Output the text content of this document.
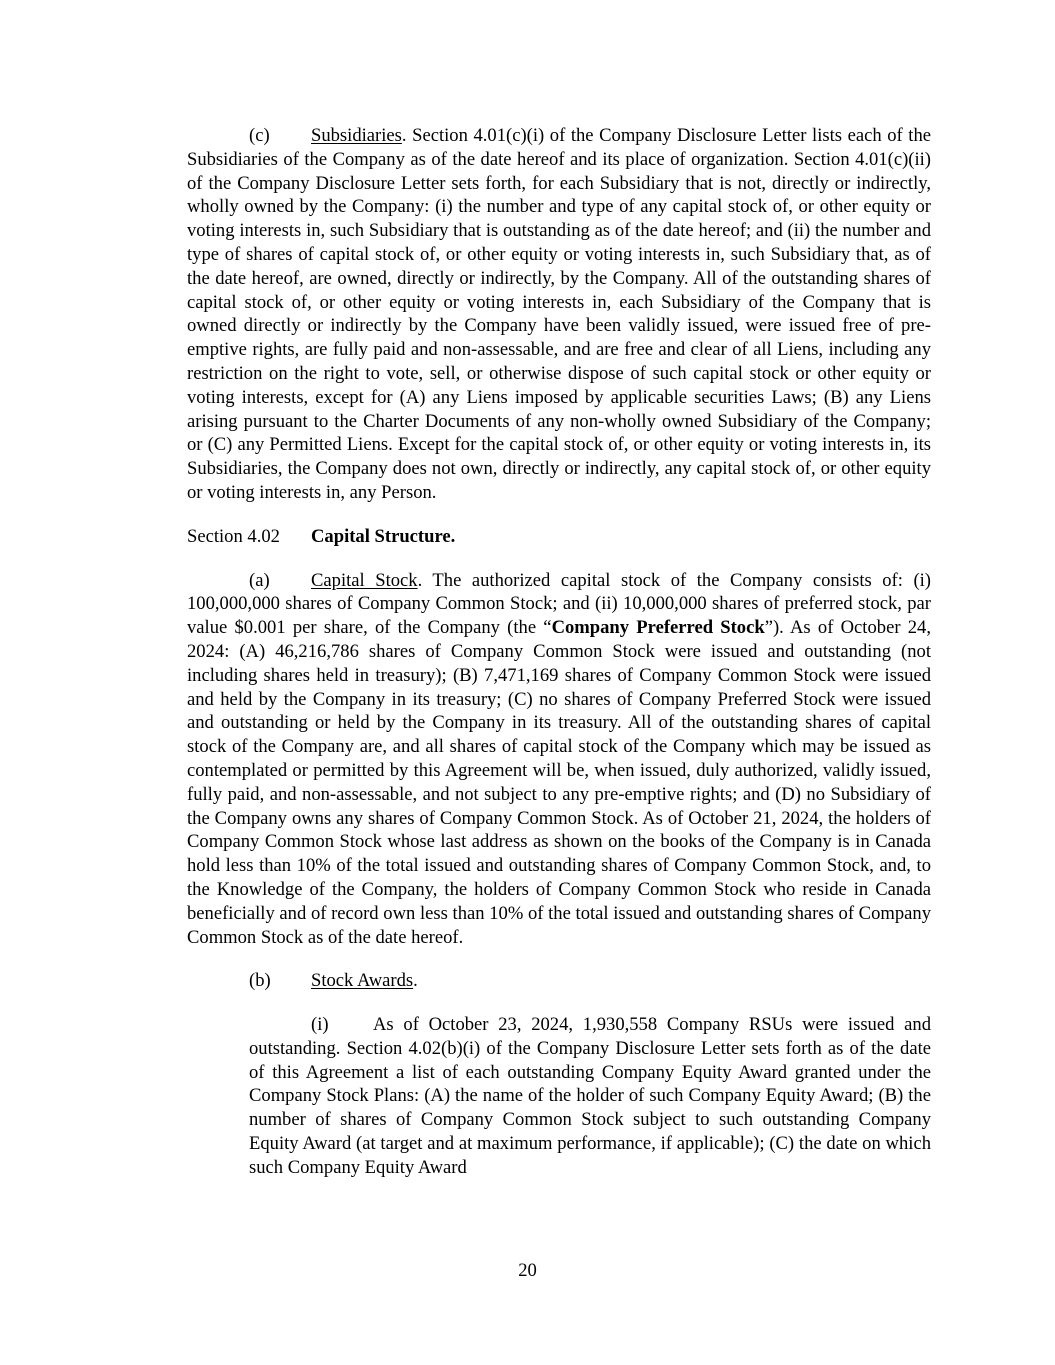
(c) Subsidiaries. Section 4.01(c)(i) of the Company Disclosure Letter lists each of the Subsidiaries of the Company as of the date hereof and its place of organization. Section 4.01(c)(ii) of the Company Disclosure Letter sets forth, for each Subsidiary that is not, directly or indirectly, wholly owned by the Company: (i) the number and type of any capital stock of, or other equity or voting interests in, such Subsidiary that is outstanding as of the date hereof; and (ii) the number and type of shares of capital stock of, or other equity or voting interests in, such Subsidiary that, as of the date hereof, are owned, directly or indirectly, by the Company. All of the outstanding shares of capital stock of, or other equity or voting interests in, each Subsidiary of the Company that is owned directly or indirectly by the Company have been validly issued, were issued free of pre-emptive rights, are fully paid and non-assessable, and are free and clear of all Liens, including any restriction on the right to vote, sell, or otherwise dispose of such capital stock or other equity or voting interests, except for (A) any Liens imposed by applicable securities Laws; (B) any Liens arising pursuant to the Charter Documents of any non-wholly owned Subsidiary of the Company; or (C) any Permitted Liens. Except for the capital stock of, or other equity or voting interests in, its Subsidiaries, the Company does not own, directly or indirectly, any capital stock of, or other equity or voting interests in, any Person.

Section 4.02	Capital Structure.

(a) Capital Stock. The authorized capital stock of the Company consists of: (i) 100,000,000 shares of Company Common Stock; and (ii) 10,000,000 shares of preferred stock, par value $0.001 per share, of the Company (the “Company Preferred Stock”). As of October 24, 2024: (A) 46,216,786 shares of Company Common Stock were issued and outstanding (not including shares held in treasury); (B) 7,471,169 shares of Company Common Stock were issued and held by the Company in its treasury; (C) no shares of Company Preferred Stock were issued and outstanding or held by the Company in its treasury. All of the outstanding shares of capital stock of the Company are, and all shares of capital stock of the Company which may be issued as contemplated or permitted by this Agreement will be, when issued, duly authorized, validly issued, fully paid, and non-assessable, and not subject to any pre-emptive rights; and (D) no Subsidiary of the Company owns any shares of Company Common Stock. As of October 21, 2024, the holders of Company Common Stock whose last address as shown on the books of the Company is in Canada hold less than 10% of the total issued and outstanding shares of Company Common Stock, and, to the Knowledge of the Company, the holders of Company Common Stock who reside in Canada beneficially and of record own less than 10% of the total issued and outstanding shares of Company Common Stock as of the date hereof.

(b) Stock Awards.

(i) As of October 23, 2024, 1,930,558 Company RSUs were issued and outstanding. Section 4.02(b)(i) of the Company Disclosure Letter sets forth as of the date of this Agreement a list of each outstanding Company Equity Award granted under the Company Stock Plans: (A) the name of the holder of such Company Equity Award; (B) the number of shares of Company Common Stock subject to such outstanding Company Equity Award (at target and at maximum performance, if applicable); (C) the date on which such Company Equity Award

20
